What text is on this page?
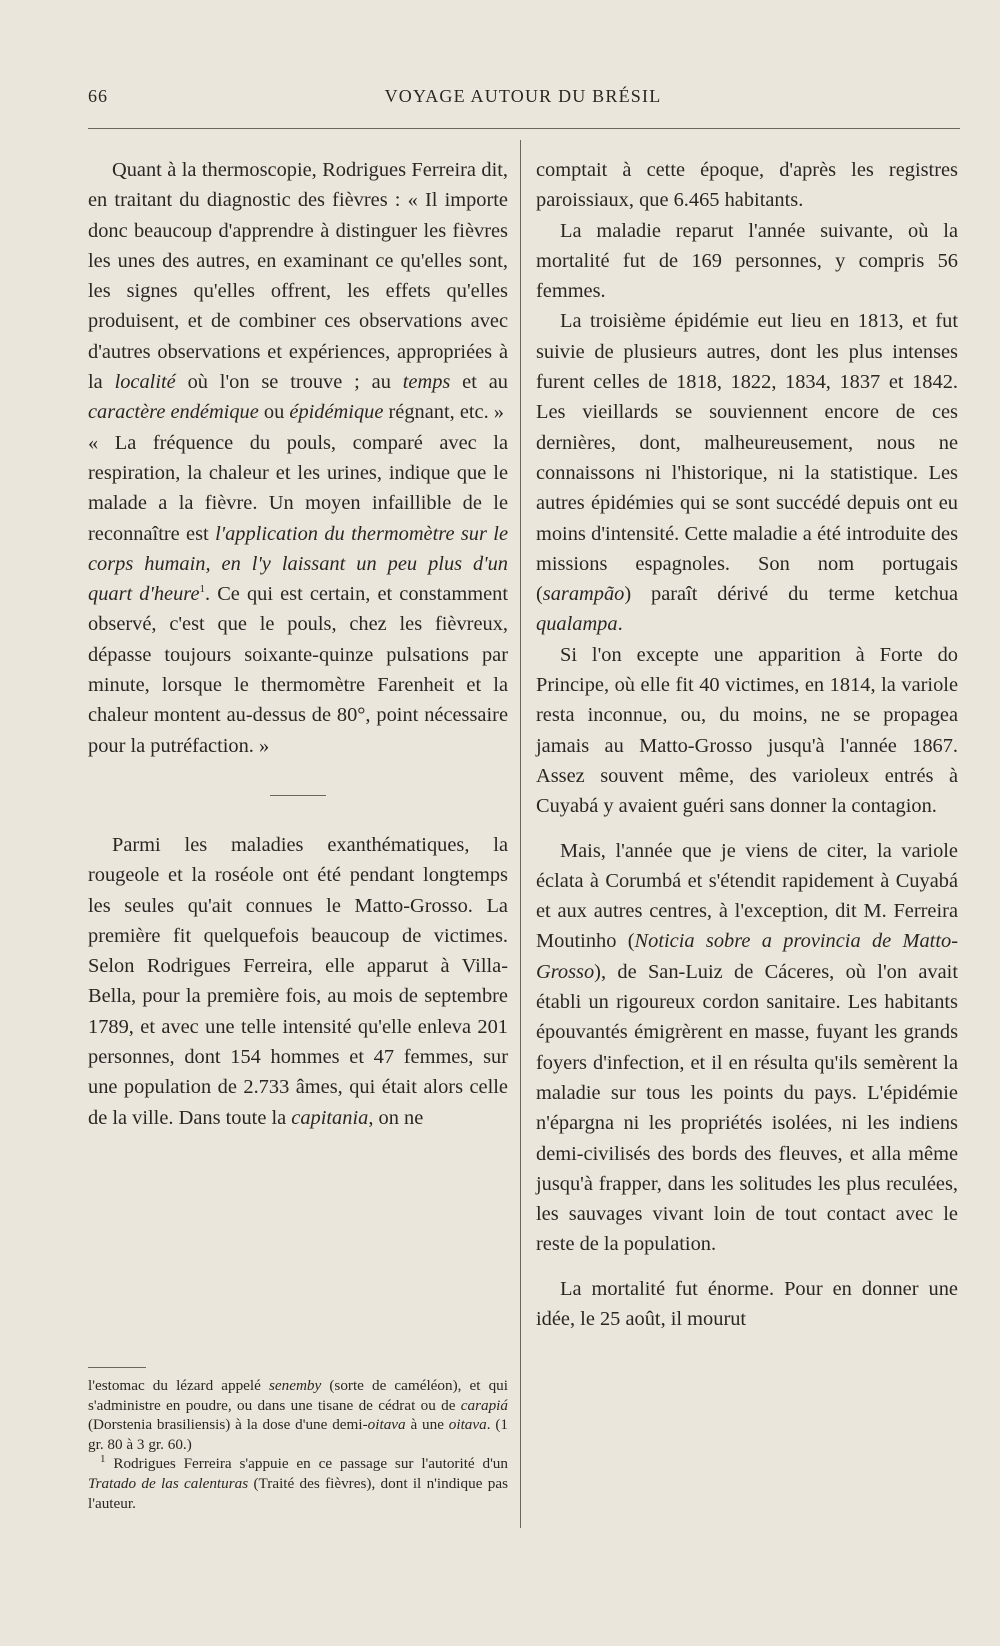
66	VOYAGE AUTOUR DU BRÉSIL

Quant à la thermoscopie, Rodrigues Ferreira dit, en traitant du diagnostic des fièvres : « Il importe donc beaucoup d'apprendre à distinguer les fièvres les unes des autres, en examinant ce qu'elles sont, les signes qu'elles offrent, les effets qu'elles produisent, et de combiner ces observations avec d'autres observations et expériences, appropriées à la localité où l'on se trouve ; au temps et au caractère endémique ou épidémique régnant, etc. »

« La fréquence du pouls, comparé avec la respiration, la chaleur et les urines, indique que le malade a la fièvre. Un moyen infaillible de le reconnaître est l'application du thermomètre sur le corps humain, en l'y laissant un peu plus d'un quart d'heure$^1$. Ce qui est certain, et constamment observé, c'est que le pouls, chez les fièvreux, dépasse toujours soixante-quinze pulsations par minute, lorsque le thermomètre Farenheit et la chaleur montent au-dessus de 80°, point nécessaire pour la putréfaction. »

Parmi les maladies exanthématiques, la rougeole et la roséole ont été pendant longtemps les seules qu'ait connues le Matto-Grosso. La première fit quelquefois beaucoup de victimes. Selon Rodrigues Ferreira, elle apparut à Villa-Bella, pour la première fois, au mois de septembre 1789, et avec une telle intensité qu'elle enleva 201 personnes, dont 154 hommes et 47 femmes, sur une population de 2.733 âmes, qui était alors celle de la ville. Dans toute la capitania, on ne

l'estomac du lézard appelé senemby (sorte de caméléon), et qui s'administre en poudre, ou dans une tisane de cédrat ou de carapiá (Dorstenia brasiliensis) à la dose d'une demi-oitava à une oitava. (1 gr. 80 à 3 gr. 60.)

$^1$ Rodrigues Ferreira s'appuie en ce passage sur l'autorité d'un Tratado de las calenturas (Traité des fièvres), dont il n'indique pas l'auteur.

comptait à cette époque, d'après les registres paroissiaux, que 6.465 habitants.

La maladie reparut l'année suivante, où la mortalité fut de 169 personnes, y compris 56 femmes.

La troisième épidémie eut lieu en 1813, et fut suivie de plusieurs autres, dont les plus intenses furent celles de 1818, 1822, 1834, 1837 et 1842. Les vieillards se souviennent encore de ces dernières, dont, malheureusement, nous ne connaissons ni l'historique, ni la statistique. Les autres épidémies qui se sont succédé depuis ont eu moins d'intensité. Cette maladie a été introduite des missions espagnoles. Son nom portugais (sarampão) paraît dérivé du terme ketchua qualampa.

Si l'on excepte une apparition à Forte do Principe, où elle fit 40 victimes, en 1814, la variole resta inconnue, ou, du moins, ne se propagea jamais au Matto-Grosso jusqu'à l'année 1867. Assez souvent même, des varioleux entrés à Cuyabá y avaient guéri sans donner la contagion.

Mais, l'année que je viens de citer, la variole éclata à Corumbá et s'étendit rapidement à Cuyabá et aux autres centres, à l'exception, dit M. Ferreira Moutinho (Noticia sobre a provincia de Matto-Grosso), de San-Luiz de Cáceres, où l'on avait établi un rigoureux cordon sanitaire. Les habitants épouvantés émigrèrent en masse, fuyant les grands foyers d'infection, et il en résulta qu'ils semèrent la maladie sur tous les points du pays. L'épidémie n'épargna ni les propriétés isolées, ni les indiens demi-civilisés des bords des fleuves, et alla même jusqu'à frapper, dans les solitudes les plus reculées, les sauvages vivant loin de tout contact avec le reste de la population.

La mortalité fut énorme. Pour en donner une idée, le 25 août, il mourut
